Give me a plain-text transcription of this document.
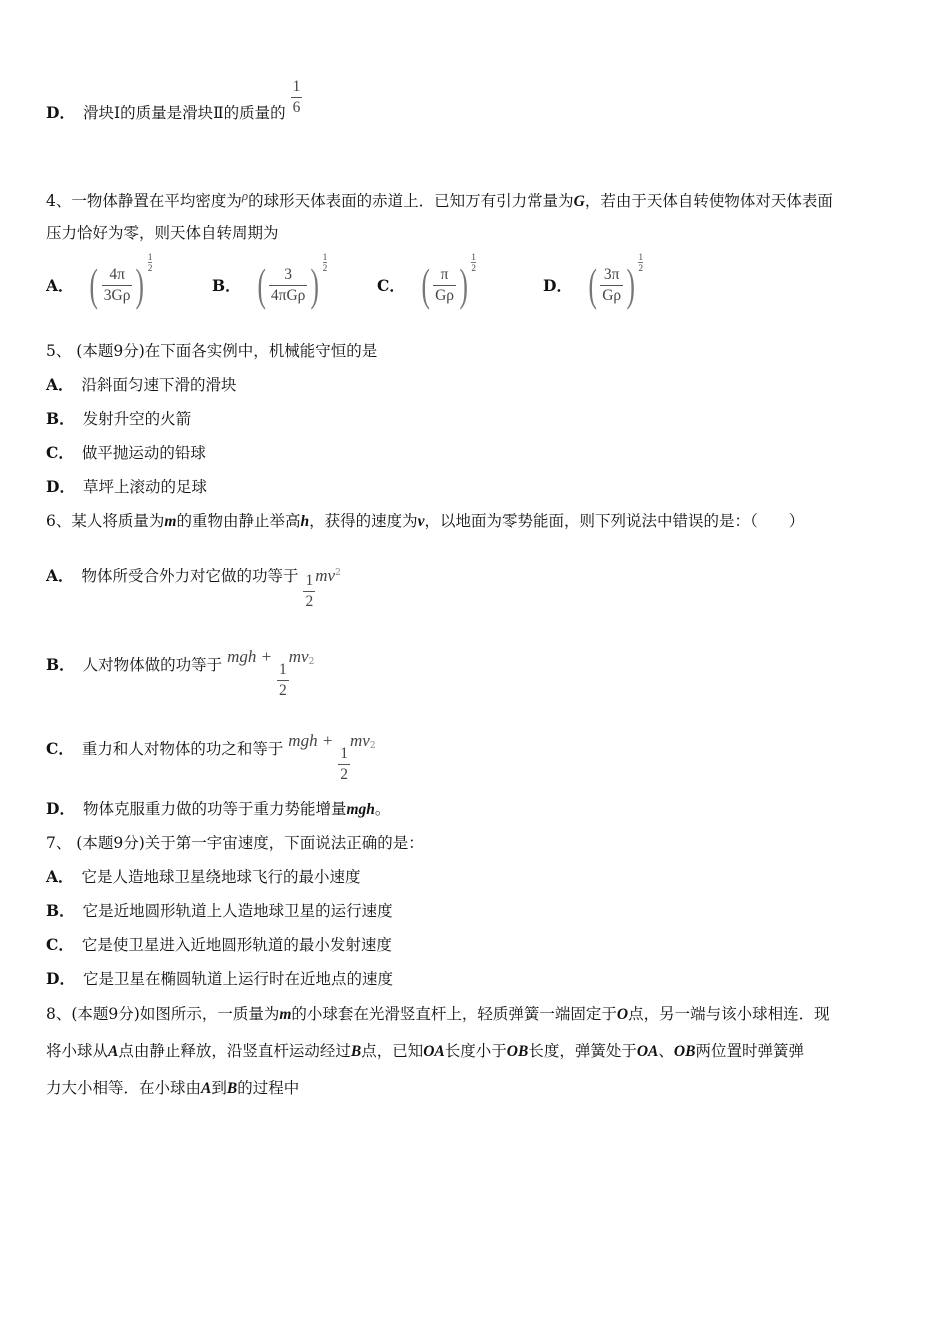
D． 滑块Ⅰ的质量是滑块Ⅱ的质量的 $\frac{1}{6}$
4、一物体静置在平均密度为$^\rho$的球形天体表面的赤道上．已知万有引力常量为G，若由于天体自转使物体对天体表面
压力恰好为零，则天体自转周期为
A． ( $\frac{4\pi}{3G\rho}$ )
1
2
B． ( $\frac{3}{\text{4πGρ}}$ )
1
2
C． ( $\frac{\pi}{G\rho}$ )
1
2
D． ( $\frac{3\pi}{G\rho}$ )
1
2
5、 (本题9分)在下面各实例中，机械能守恒的是
A． 沿斜面匀速下滑的滑块
B． 发射升空的火箭
C． 做平抛运动的铅球
D． 草坪上滚动的足球
6、某人将质量为m的重物由静止举高h，获得的速度为v，以地面为零势能面，则下列说法中错误的是：（　　）
A． 物体所受合外力对它做的功等于 $\frac{1}{2} mv^2$
B． 人对物体做的功等于 mgh +
$\frac{1}{2}$
$mv^2$
C． 重力和人对物体的功之和等于 mgh +
$\frac{1}{2}$
$mv^2$
D． 物体克服重力做的功等于重力势能增量mgh。
7、 (本题9分)关于第一宇宙速度，下面说法正确的是：
A． 它是人造地球卫星绕地球飞行的最小速度
B． 它是近地圆形轨道上人造地球卫星的运行速度
C． 它是使卫星进入近地圆形轨道的最小发射速度
D． 它是卫星在椭圆轨道上运行时在近地点的速度
8、(本题9分)如图所示，一质量为m的小球套在光滑竖直杆上，轻质弹簧一端固定于O点，另一端与该小球相连．现
将小球从A点由静止释放，沿竖直杆运动经过B点，已知OA长度小于OB长度，弹簧处于OA、OB两位置时弹簧弹
力大小相等．在小球由A到B的过程中
